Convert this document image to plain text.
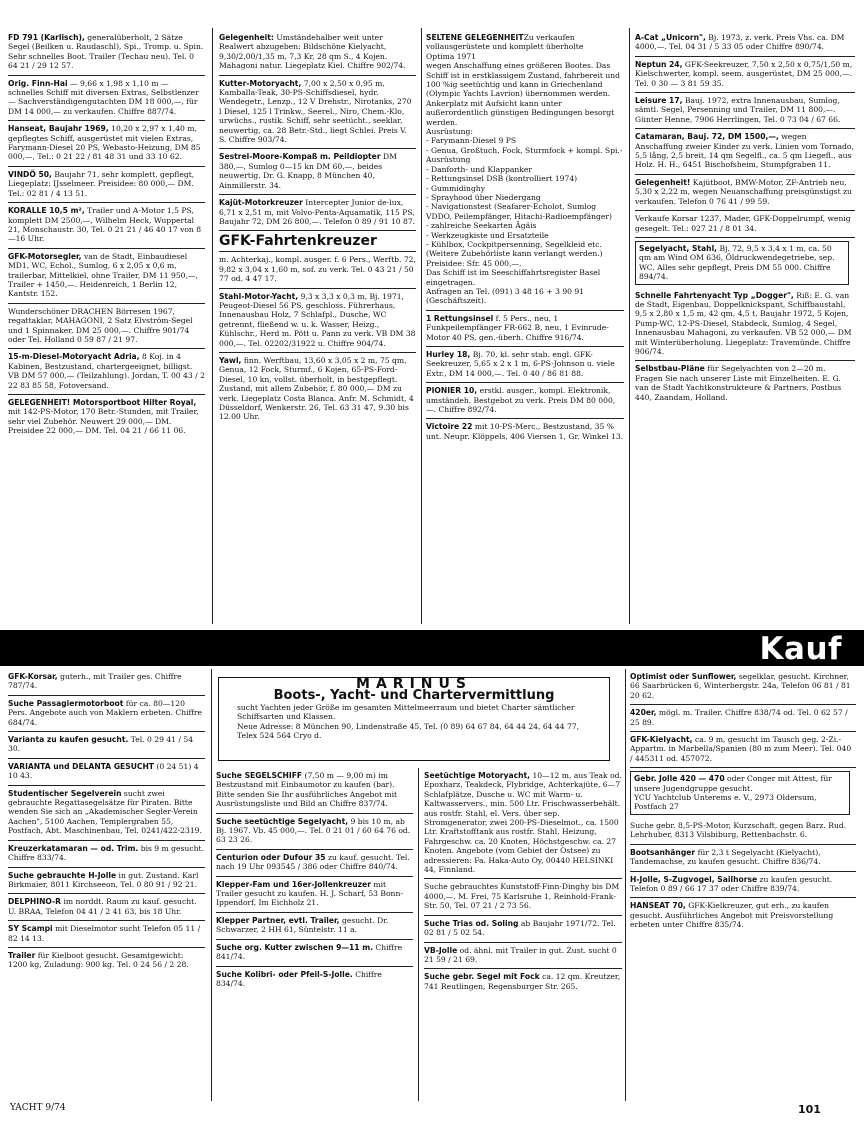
FD 791 (Karlisch), generalüberholt, 2 Sätze Segel (Beilken u. Raudaschl), Spi., Tromp. u. Spin. Sehr schnelles Boot. Trailer (Techau neu). Tel. 0 64 21 / 29 12 57.
Orig. Finn-Hai — 9,66 x 1,98 x 1,10 m — schnelles Schiff mit diversen Extras, Selbstlenzer — Sachverständigengutachten DM 18 000,—, für DM 14 000,— zu verkaufen. Chiffre 887/74.
Hanseat, Baujahr 1969, 10,20 x 2,97 x 1,40 m, gepflegtes Schiff, ausgerüstet mit vielen Extras, Farymann-Diesel 20 PS, Webasto-Heizung, DM 85 000,—, Tel.: 0 21 22 / 81 48 31 und 33 10 62.
VINDÖ 50, Baujahr 71, sehr komplett, gepflegt, Liegeplatz: IJsselmeer. Preisidee: 80 000,— DM. Tel.: 02 81 / 4 13 51.
KORALLE 10,5 m², Trailer und A-Motor 1,5 PS, komplett DM 2500,—, Wilhelm Heck, Wuppertal 21, Monschaustr. 30, Tel. 0 21 21 / 46 40 17 von 8—16 Uhr.
GFK-Motorsegler, van de Stadt, Einbaudiesel MD1, WC, Echol., Sumlog, 6 x 2,05 x 0,6 m, trailerbar, Mittelkiel, ohne Trailer, DM 11 950,—, Trailer + 1450,—. Heidenreich, 1 Berlin 12, Kantstr. 152.
Wunderschöner DRACHEN Börresen 1967, regattaklar, MAHAGONI, 2 Satz Elvström-Segel und 1 Spinnaker. DM 25 000,—. Chiffre 901/74 oder Tel. Holland 0 59 87 / 21 97.
15-m-Diesel-Motoryacht Adria, 8 Koj. in 4 Kabinen, Bestzustand, chartergeeignet, billigst. VB DM 57 000,— (Teilzahlung). Jordan, T. 00 43 / 2 22 83 85 58, Fotoversand.
GELEGENHEIT! Motorsportboot Hilter Royal, mit 142-PS-Motor, 170 Betr.-Stunden, mit Trailer, sehr viel Zubehör. Neuwert 29 000,— DM. Preisidee 22 000,— DM. Tel. 04 21 / 66 11 06.
Gelegenheit: Umständehalber weit unter Realwert abzugeben: Bildschöne Kielyacht, 9,30/2,00/1,35 m, 7,3 Kr, 28 qm S., 4 Kojen. Mahagoni natur. Liegeplatz Kiel. Chiffre 902/74.
Kutter-Motoryacht, 7,00 x 2,50 x 0,95 m, Kamballa-Teak, 30-PS-Schiffsdiesel, hydr. Wendegetr., Lenzp., 12 V Drehstr., Nirotanks, 270 l Diesel, 125 l Trinkw., Seerel., Niro, Chem.-Klo, urwüchs., rustik. Schiff, sehr seetücht., seeklar, neuwertig, ca. 28 Betr.-Std., liegt Schlei. Preis V. S. Chiffre 903/74.
Sestrel-Moore-Kompaß m. Peildiopter DM 380,—, Sumlog 0—15 kn DM 60,—, beides neuwertig. Dr. G. Knapp, 8 München 40, Ainmillerstr. 34.
Kajüt-Motorkreuzer Intercepter Junior de-lux, 6,71 x 2,51 m, mit Volvo-Penta-Aquamatik, 115 PS, Baujahr 72, DM 26 800,—. Telefon 0 89 / 91 10 87.
GFK-Fahrtenkreuzer
m. Achterkaj., kompl. ausger. f. 6 Pers., Werftb. 72, 9,82 x 3,04 x 1,60 m, sof. zu verk. Tel. 0 43 21 / 50 77 od. 4 47 17.
Stahl-Motor-Yacht, 9,3 x 3,3 x 0,3 m, Bj. 1971, Peugeot-Diesel 56 PS, geschloss. Führerhaus, Innenausbau Holz, 7 Schlafpl., Dusche, WC getrennt, fließend w. u. k. Wasser, Heizg., Kühlschr., Herd m. Pött u. Pann zu verk. VB DM 38 000,—. Tel. 02202/31922 u. Chiffre 904/74.
Yawl, finn. Werftbau, 13,60 x 3,05 x 2 m, 75 qm, Genua, 12 Fock, Sturmf., 6 Kojen, 65-PS-Ford-Diesel, 10 kn, vollst. überholt, in bestgepflegt. Zustand, mit allem Zubehör, f. 80 000,— DM zu verk. Liegeplatz Costa Blanca. Anfr. M. Schmidt, 4 Düsseldorf, Wenkerstr. 26, Tel. 63 31 47, 9.30 bis 12.00 Uhr.
SELTENE GELEGENHEITZu verkaufen vollausgerüstete und komplett überholte
Optima 1971
wegen Anschaffung eines größeren Bootes. Das Schiff ist in erstklassigem Zustand, fahrbereit und 100 %ig seetüchtig und kann in Griechenland (Olympic Yachts Lavrion) übernommen werden. Ankerplatz mit Aufsicht kann unter außerordentlich günstigen Bedingungen besorgt werden.
Ausrüstung:
- Farymann-Diesel 9 PS
- Genua, Großtuch, Fock, Sturmfock + kompl. Spi.-Ausrüstung
- Danforth- und Klappanker
- Rettungsinsel DSB (kontrolliert 1974)
- Gummidinghy
- Sprayhood über Niedergang
- Navigationstest (Seafarer-Echolot, Sumlog VDDO, Peilempfänger, Hitachi-Radioempfänger)
- zahlreiche Seekarten Ägäis
- Werkzeugkiste und Ersatzteile
- Kühlbox, Cockpitpersenning, Segelkleid etc.
(Weitere Zubehörliste kann verlangt werden.)
Preisidee: Sfr. 45 000,—.
Das Schiff ist im Seeschiffahrtsregister Basel eingetragen.
Anfragen an Tel. (091) 3 48 16 + 3 90 91 (Geschäftszeit).
1 Rettungsinsel f. 5 Pers., neu, 1 Funkpeilempfänger FR-662 B, neu, 1 Evinrude-Motor 40 PS, gen.-überh. Chiffre 916/74.
Hurley 18, Bj. 70, kl. sehr stab. engl. GFK-Seekreuzer, 5,65 x 2 x 1 m, 6-PS-Johnson u. viele Extr., DM 14 000,—. Tel. 0 40 / 86 81 88.
PIONIER 10, erstkl. ausger., kompl. Elektronik, umständeh. Bestgebot zu verk. Preis DM 80 000,—. Chiffre 892/74.
Victoire 22 mit 10-PS-Merc., Bestzustand, 35 % unt. Neupr. Klöppels, 406 Viersen 1, Gr. Winkel 13.
A-Cat „Unicorn", Bj. 1973, z. verk. Preis Vhs. ca. DM 4000,—. Tel. 04 31 / 5 33 05 oder Chiffre 890/74.
Neptun 24, GFK-Seekreuzer, 7,50 x 2,50 x 0,75/1,50 m, Kielschwerter, kompl. seem. ausgerüstet, DM 25 000,—. Tel. 0 30 — 3 81 59 35.
Leisure 17, Bauj. 1972, extra Innenausbau, Sumlog, sämtl. Segel, Persenning und Trailer, DM 11 800,—. Günter Henne, 7906 Herrlingen, Tel. 0 73 04 / 67 66.
Catamaran, Bauj. 72, DM 1500,—, wegen Anschaffung zweier Kinder zu verk. Linien vom Tornado, 5,5 lång, 2,5 breit, 14 qm Segelfl., ca. 5 qm Liegefl., aus Holz. H. H., 6451 Bischofsheim, Stumpfgraben 11.
Gelegenheit! Kajütboot, BMW-Motor, ZF-Antrieb neu, 5,30 x 2,22 m, wegen Neuanschaffung preisgünstigst zu verkaufen. Telefon 0 76 41 / 99 59.
Verkaufe Korsar 1237, Mader, GFK-Doppelrumpf, wenig gesegelt. Tel.: 027 21 / 8 01 34.
Segelyacht, Stahl, Bj. 72, 9,5 x 3,4 x 1 m, ca. 50 qm am Wind OM 636, Öldruckwendegetriebe, sep. WC. Alles sehr gepflegt, Preis DM 55 000. Chiffre 894/74.
Schnelle Fahrtenyacht Typ „Dogger", Riß: E. G. van de Stadt, Eigenbau, Doppelknickspant, Schiffbaustahl, 9,5 x 2,80 x 1,5 m, 42 qm, 4,5 t, Baujahr 1972, 5 Kojen, Pump-WC, 12-PS-Diesel, Stabdeck, Sumlog, 4 Segel, Innenausbau Mahagoni, zu verkaufen. VB 52 000,— DM mit Winterüberholung. Liegeplatz: Travemünde. Chiffre 906/74.
Selbstbau-Pläne für Segelyachten von 2—20 m. Fragen Sie nach unserer Liste mit Einzelheiten. E. G. van de Stadt Yachtkonstrukteure & Partners, Postbus 440, Zaandam, Holland.
Kauf
MARINUS
Boots-, Yacht- und Chartervermittlung
sucht Yachten jeder Größe im gesamten Mittelmeerraum und bietet Charter sämtlicher Schiffsarten und Klassen.
Neue Adresse: 8 München 90, Lindenstraße 45, Tel. (0 89) 64 67 84, 64 44 24, 64 44 77, Telex 524 564 Cryo d.
GFK-Korsar, guterh., mit Trailer ges. Chiffre 787/74.
Suche Passagiermotorboot für ca. 80—120 Pers. Angebote auch von Maklern erbeten. Chiffre 684/74.
Varianta zu kaufen gesucht. Tel. 0 29 41 / 54 30.
VARIANTA und DELANTA GESUCHT (0 24 51) 4 10 43.
Studentischer Segelverein sucht zwei gebrauchte Regattasegelsätze für Piraten. Bitte wenden Sie sich an „Akademischer Segler-Verein Aachen", 5100 Aachen, Templergraben 55, Postfach, Abt. Maschinenbau, Tel. 0241/422-2319.
Kreuzerkatamaran — od. Trim. bis 9 m gesucht. Chiffre 833/74.
Suche gebrauchte H-Jolle in gut. Zustand. Karl Birkmaier, 8011 Kirchseeon, Tel. 0 80 91 / 92 21.
DELPHINO-R im norddt. Raum zu kauf. gesucht. U. BRAA, Telefon 04 41 / 2 41 63, bis 18 Uhr.
SY Scampi mit Dieselmotor sucht Telefon 05 11 / 82 14 13.
Trailer für Kielboot gesucht. Gesamtgewicht: 1200 kg, Zuladung: 900 kg. Tel. 0 24 56 / 2 28.
Suche SEGELSCHIFF (7,50 m — 9,00 m) im Bestzustand mit Einbaumotor zu kaufen (bar). Bitte senden Sie Ihr ausführliches Angebot mit Ausrüstungsliste und Bild an Chiffre 837/74.
Suche seetüchtige Segelyacht, 9 bis 10 m, ab Bj. 1967. Vb. 45 000,—. Tel. 0 21 01 / 60 64 76 od. 63 23 26.
Centurion oder Dufour 35 zu kauf. gesucht. Tel. nach 19 Uhr 093545 / 386 oder Chiffre 840/74.
Klepper-Fam und 16er-Jollenkreuzer mit Trailer gesucht zu kaufen. H. J. Scharf, 53 Bonn-Ippendorf, Im Eichholz 21.
Klepper Partner, evtl. Trailer, gesucht. Dr. Schwarzer, 2 HH 61, Süntelstr. 11 a.
Suche org. Kutter zwischen 9—11 m. Chiffre 841/74.
Suche Kolibri- oder Pfeil-S-Jolle. Chiffre 834/74.
Seetüchtige Motoryacht, 10—12 m, aus Teak od. Epoxharz, Teakdeck, Flybridge, Achterkajüte, 6—7 Schlafplätze, Dusche u. WC mit Warm- u. Kaltwasservers., min. 500 Ltr. Frischwasserbehält. aus rostfr. Stahl, el. Vers. über sep. Stromgenerator, zwei 200-PS-Dieselmot., ca. 1500 Ltr. Kraftstofftank aus rostfr. Stahl, Heizung, Fahrgeschw. ca. 20 Knoten, Höchstgeschw. ca. 27 Knoten. Angebote (vom Gebiet der Ostsee) zu adressieren: Fa. Haka-Auto Oy, 00440 HELSINKI 44, Finnland.
Suche gebrauchtes Kunststoff-Finn-Dinghy bis DM 4000,—. M. Frei, 75 Karlsruhe 1, Reinhold-Frank-Str. 50, Tel. 07 21 / 2 73 56.
Suche Trias od. Soling ab Baujahr 1971/72. Tel. 02 81 / 5 02 54.
VB-Jolle od. ähnl. mit Trailer in gut. Zust. sucht 0 21 59 / 21 69.
Suche gebr. Segel mit Fock ca. 12 qm. Kreutzer, 741 Reutlingen, Regensburger Str. 265.
Optimist oder Sunflower, segelklar, gesucht. Kirchner, 66 Saarbrücken 6, Winterbergstr. 24a, Telefon 06 81 / 81 20 62.
420er, mögl. m. Trailer. Chiffre 838/74 od. Tel. 0 62 57 / 25 89.
GFK-Kielyacht, ca. 9 m, gesucht im Tausch geg. 2-Zi.-Appartm. in Marbella/Spanien (80 m zum Meer). Tel. 040 / 445311 od. 457072.
Gebr. Jolle 420 — 470 oder Conger mit Attest, für unsere Jugendgruppe gesucht.
YCU Yachtclub Unterems e. V., 2973 Oldersum, Postfach 27
Suche gebr. 8,5-PS-Motor, Kurzschaft, gegen Barz. Rud. Lehrhuber, 8313 Vilsbiburg, Rettenbachstr. 6.
Bootsanhänger für 2,3 t Segelyacht (Kielyacht), Tandemachse, zu kaufen gesucht. Chiffre 836/74.
H-Jolle, S-Zugvogel, Sailhorse zu kaufen gesucht. Telefon 0 89 / 66 17 37 oder Chiffre 839/74.
HANSEAT 70, GFK-Kielkreuzer, gut erh., zu kaufen gesucht. Ausführliches Angebot mit Preisvorstellung erbeten unter Chiffre 835/74.
YACHT 9/74	101
